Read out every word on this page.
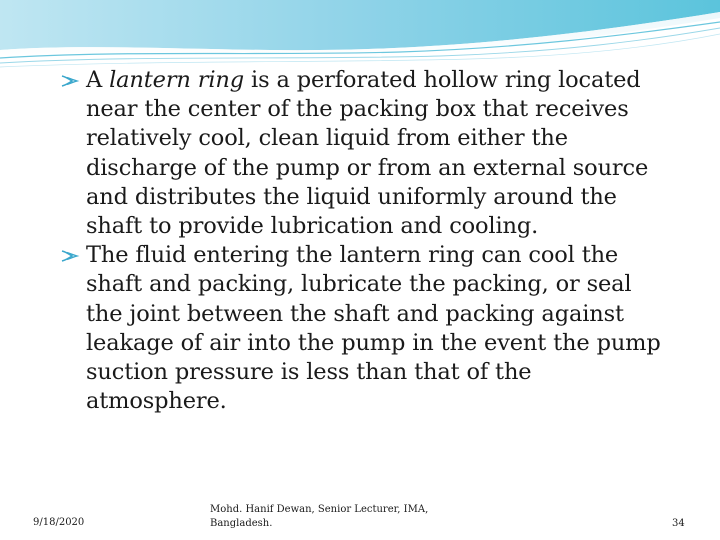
A lantern ring is a perforated hollow ring located near the center of the packing box that receives relatively cool, clean liquid from either the discharge of the pump or from an external source and distributes the liquid uniformly around the shaft to provide lubrication and cooling.

The fluid entering the lantern ring can cool the shaft and packing, lubricate the packing, or seal the joint between the shaft and packing against leakage of air into the pump in the event the pump suction pressure is less than that of the atmosphere.

9/18/2020
Mohd. Hanif Dewan, Senior Lecturer, IMA, Bangladesh.	34
